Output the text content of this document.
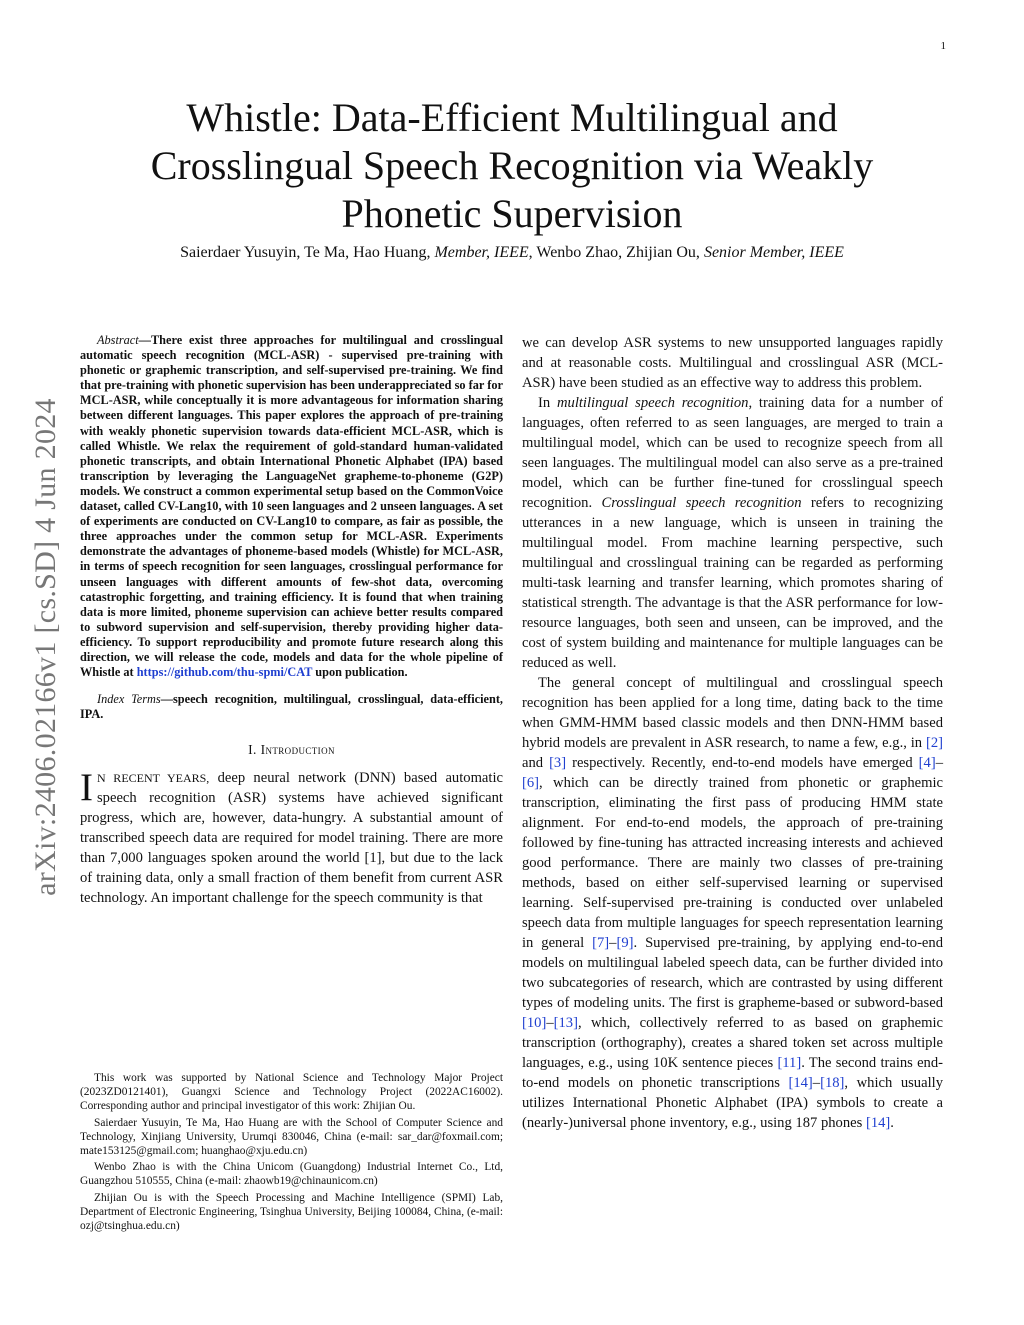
1
arXiv:2406.02166v1 [cs.SD] 4 Jun 2024
Whistle: Data-Efficient Multilingual and Crosslingual Speech Recognition via Weakly Phonetic Supervision
Saierdaer Yusuyin, Te Ma, Hao Huang, Member, IEEE, Wenbo Zhao, Zhijian Ou, Senior Member, IEEE

Abstract—There exist three approaches for multilingual and crosslingual automatic speech recognition (MCL-ASR) - supervised pre-training with phonetic or graphemic transcription, and self-supervised pre-training. We find that pre-training with phonetic supervision has been underappreciated so far for MCL-ASR, while conceptually it is more advantageous for information sharing between different languages. This paper explores the approach of pre-training with weakly phonetic supervision towards data-efficient MCL-ASR, which is called Whistle. We relax the requirement of gold-standard human-validated phonetic transcripts, and obtain International Phonetic Alphabet (IPA) based transcription by leveraging the LanguageNet grapheme-to-phoneme (G2P) models. We construct a common experimental setup based on the CommonVoice dataset, called CV-Lang10, with 10 seen languages and 2 unseen languages. A set of experiments are conducted on CV-Lang10 to compare, as fair as possible, the three approaches under the common setup for MCL-ASR. Experiments demonstrate the advantages of phoneme-based models (Whistle) for MCL-ASR, in terms of speech recognition for seen languages, crosslingual performance for unseen languages with different amounts of few-shot data, overcoming catastrophic forgetting, and training efficiency. It is found that when training data is more limited, phoneme supervision can achieve better results compared to subword supervision and self-supervision, thereby providing higher data-efficiency. To support reproducibility and promote future research along this direction, we will release the code, models and data for the whole pipeline of Whistle at https://github.com/thu-spmi/CAT upon publication.

Index Terms—speech recognition, multilingual, crosslingual, data-efficient, IPA.

I. Introduction

IN RECENT YEARS, deep neural network (DNN) based automatic speech recognition (ASR) systems have achieved significant progress, which are, however, data-hungry. A substantial amount of transcribed speech data are required for model training. There are more than 7,000 languages spoken around the world [1], but due to the lack of training data, only a small fraction of them benefit from current ASR technology. An important challenge for the speech community is that

This work was supported by National Science and Technology Major Project (2023ZD0121401), Guangxi Science and Technology Project (2022AC16002). Corresponding author and principal investigator of this work: Zhijian Ou.

Saierdaer Yusuyin, Te Ma, Hao Huang are with the School of Computer Science and Technology, Xinjiang University, Urumqi 830046, China (e-mail: sar_dar@foxmail.com; mate153125@gmail.com; huanghao@xju.edu.cn)

Wenbo Zhao is with the China Unicom (Guangdong) Industrial Internet Co., Ltd, Guangzhou 510555, China (e-mail: zhaowb19@chinaunicom.cn)

Zhijian Ou is with the Speech Processing and Machine Intelligence (SPMI) Lab, Department of Electronic Engineering, Tsinghua University, Beijing 100084, China, (e-mail: ozj@tsinghua.edu.cn)

we can develop ASR systems to new unsupported languages rapidly and at reasonable costs. Multilingual and crosslingual ASR (MCL-ASR) have been studied as an effective way to address this problem.

In multilingual speech recognition, training data for a number of languages, often referred to as seen languages, are merged to train a multilingual model, which can be used to recognize speech from all seen languages. The multilingual model can also serve as a pre-trained model, which can be further fine-tuned for crosslingual speech recognition. Crosslingual speech recognition refers to recognizing utterances in a new language, which is unseen in training the multilingual model. From machine learning perspective, such multilingual and crosslingual training can be regarded as performing multi-task learning and transfer learning, which promotes sharing of statistical strength. The advantage is that the ASR performance for low-resource languages, both seen and unseen, can be improved, and the cost of system building and maintenance for multiple languages can be reduced as well.

The general concept of multilingual and crosslingual speech recognition has been applied for a long time, dating back to the time when GMM-HMM based classic models and then DNN-HMM based hybrid models are prevalent in ASR research, to name a few, e.g., in [2] and [3] respectively. Recently, end-to-end models have emerged [4]–[6], which can be directly trained from phonetic or graphemic transcription, eliminating the first pass of producing HMM state alignment. For end-to-end models, the approach of pre-training followed by fine-tuning has attracted increasing interests and achieved good performance. There are mainly two classes of pre-training methods, based on either self-supervised learning or supervised learning. Self-supervised pre-training is conducted over unlabeled speech data from multiple languages for speech representation learning in general [7]–[9]. Supervised pre-training, by applying end-to-end models on multilingual labeled speech data, can be further divided into two subcategories of research, which are contrasted by using different types of modeling units. The first is grapheme-based or subword-based [10]–[13], which, collectively referred to as based on graphemic transcription (orthography), creates a shared token set across multiple languages, e.g., using 10K sentence pieces [11]. The second trains end-to-end models on phonetic transcriptions [14]–[18], which usually utilizes International Phonetic Alphabet (IPA) symbols to create a (nearly-)universal phone inventory, e.g., using 187 phones [14].
